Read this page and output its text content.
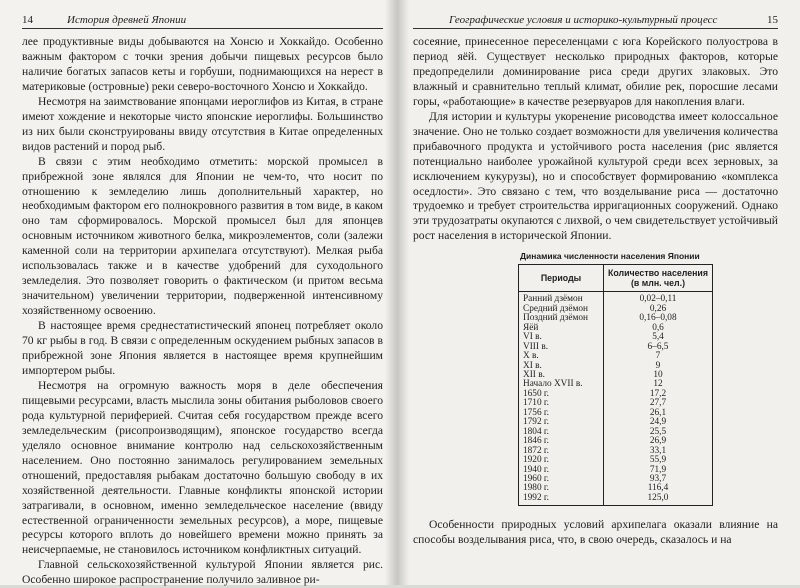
14	История древней Японии

лее продуктивные виды добываются на Хонсю и Хоккайдо. Особенно важным фактором с точки зрения добычи пищевых ресурсов было наличие богатых запасов кеты и горбуши, поднимающихся на нерест в материковые (островные) реки северо-восточного Хонсю и Хоккайдо.

Несмотря на заимствование японцами иероглифов из Китая, в стране имеют хождение и некоторые чисто японские иероглифы. Большинство из них были сконструированы ввиду отсутствия в Китае определенных видов растений и пород рыб.

В связи с этим необходимо отметить: морской промысел в прибрежной зоне являлся для Японии не чем-то, что носит по отношению к земледелию лишь дополнительный характер, но необходимым фактором его полнокровного развития в том виде, в каком оно там сформировалось. Морской промысел был для японцев основным источником животного белка, микроэлементов, соли (залежи каменной соли на территории архипелага отсутствуют). Мелкая рыба использовалась также и в качестве удобрений для суходольного земледелия. Это позволяет говорить о фактическом (и притом весьма значительном) увеличении территории, подверженной интенсивному хозяйственному освоению.

В настоящее время среднестатистический японец потребляет около 70 кг рыбы в год. В связи с определенным оскудением рыбных запасов в прибрежной зоне Япония является в настоящее время крупнейшим импортером рыбы.

Несмотря на огромную важность моря в деле обеспечения пищевыми ресурсами, власть мыслила зоны обитания рыболовов своего рода культурной периферией. Считая себя государством прежде всего земледельческим (рисопроизводящим), японское государство всегда уделяло основное внимание контролю над сельскохозяйственным населением. Оно постоянно занималось регулированием земельных отношений, предоставляя рыбакам достаточно большую свободу в их хозяйственной деятельности. Главные конфликты японской истории затрагивали, в основном, именно земледельческое население (ввиду естественной ограниченности земельных ресурсов), а море, пищевые ресурсы которого вплоть до новейшего времени можно принять за неисчерпаемые, не становилось источником конфликтных ситуаций.

Главной сельскохозяйственной культурой Японии является рис. Особенно широкое распространение получило заливное ри-

Географические условия и историко-культурный процесс	15

сосеяние, принесенное переселенцами с юга Корейского полуострова в период яёй. Существует несколько природных факторов, которые предопределили доминирование риса среди других злаковых. Это влажный и сравнительно теплый климат, обилие рек, поросшие лесами горы, «работающие» в качестве резервуаров для накопления влаги.

Для истории и культуры укоренение рисоводства имеет колоссальное значение. Оно не только создает возможности для увеличения количества прибавочного продукта и устойчивого роста населения (рис является потенциально наиболее урожайной культурой среди всех зерновых, за исключением кукурузы), но и способствует формированию «комплекса оседлости». Это связано с тем, что возделывание риса — достаточно трудоемко и требует строительства ирригационных сооружений. Однако эти трудозатраты окупаются с лихвой, о чем свидетельствует устойчивый рост населения в исторической Японии.

Динамика численности населения Японии
Периоды	Количество населения (в млн. чел.)
Ранний дзёмон	0,02–0,11
Средний дзёмон	0,26
Поздний дзёмон	0,16–0,08
Яёй	0,6
VI в.	5,4
VIII в.	6–6,5
Х в.	7
XI в.	9
XII в.	10
Начало XVII в.	12
1650 г.	17,2
1710 г.	27,7
1756 г.	26,1
1792 г.	24,9
1804 г.	25,5
1846 г.	26,9
1872 г.	33,1
1920 г.	55,9
1940 г.	71,9
1960 г.	93,7
1980 г.	116,4
1992 г.	125,0

Особенности природных условий архипелага оказали влияние на способы возделывания риса, что, в свою очередь, сказалось и на
